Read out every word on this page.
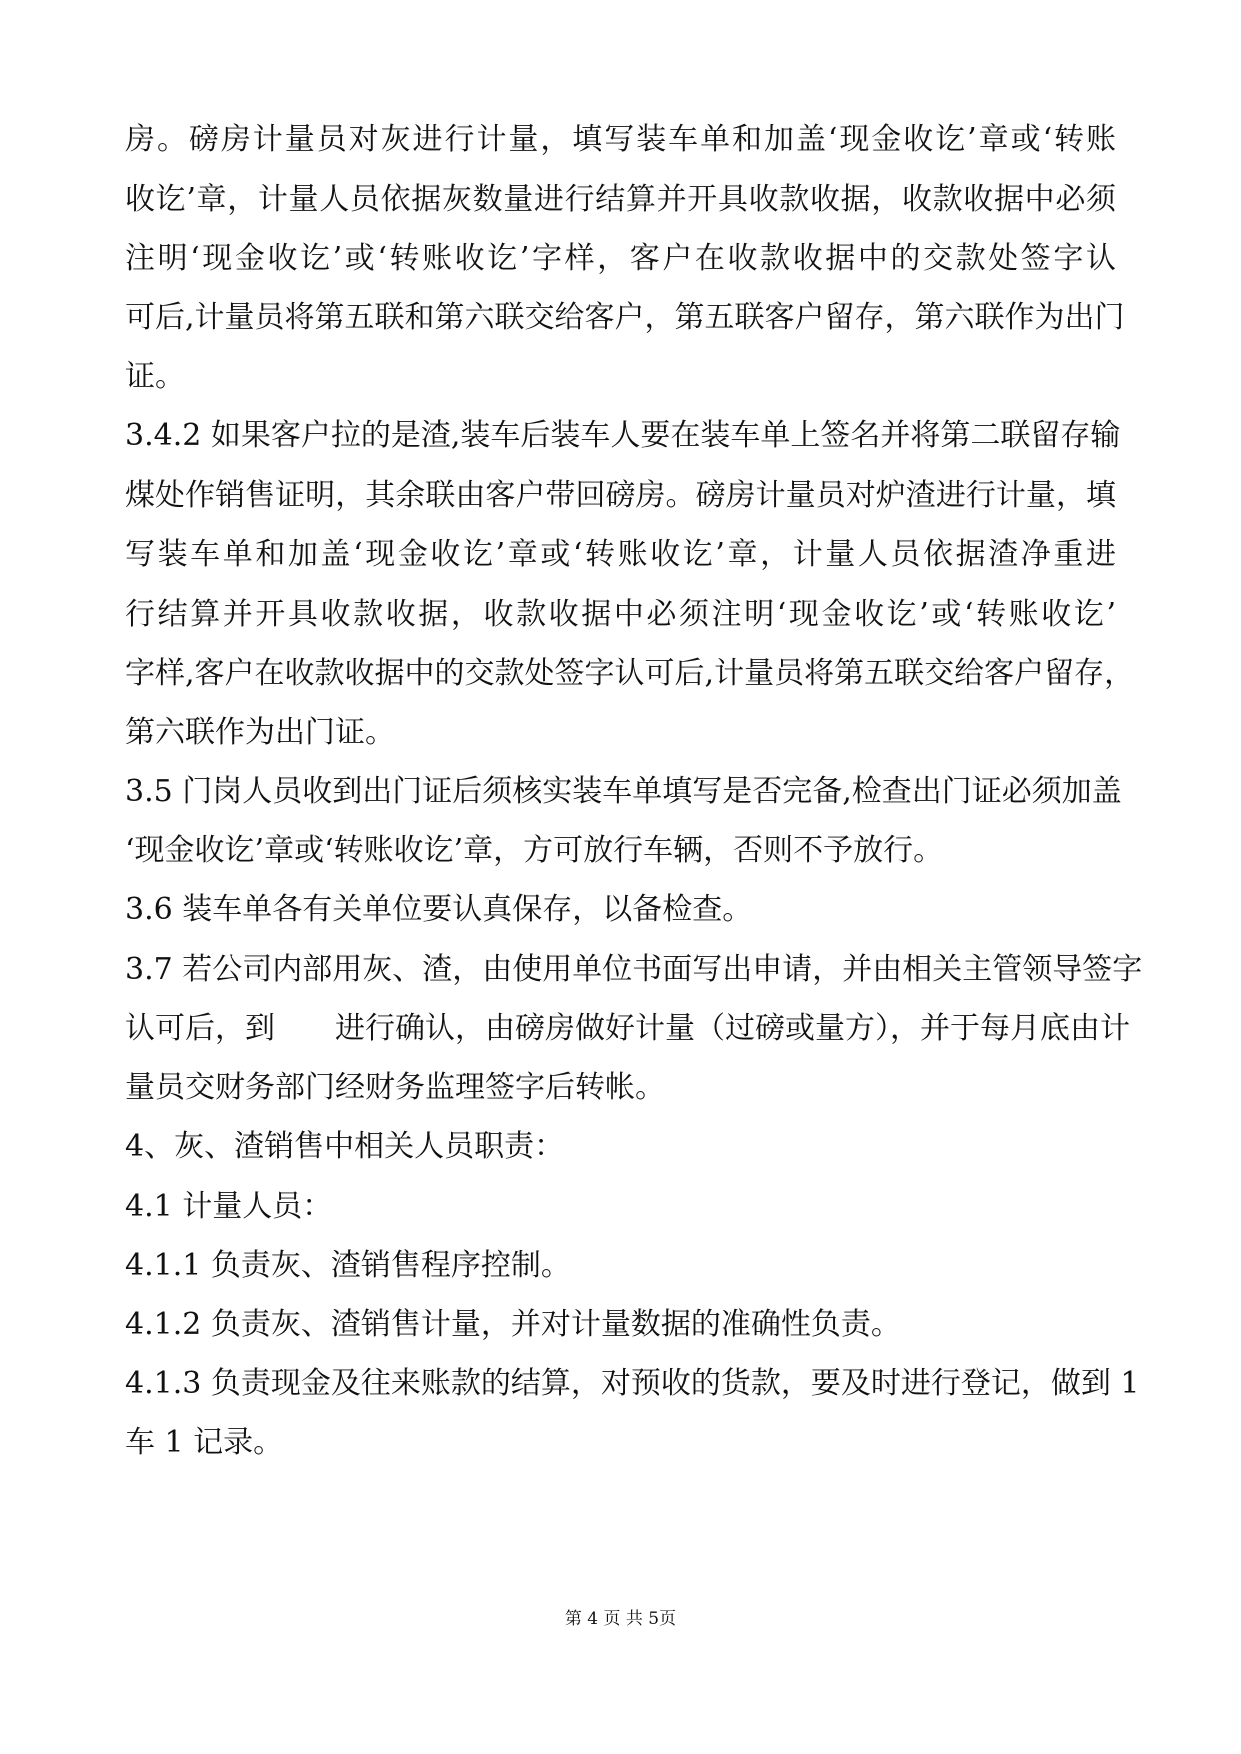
房。磅房计量员对灰进行计量，填写装车单和加盖‘现金收讫’章或‘转账
收讫’章，计量人员依据灰数量进行结算并开具收款收据，收款收据中必须
注明‘现金收讫’或‘转账收讫’字样，客户在收款收据中的交款处签字认
可后,计量员将第五联和第六联交给客户，第五联客户留存，第六联作为出门
证。
3.4.2 如果客户拉的是渣,装车后装车人要在装车单上签名并将第二联留存输
煤处作销售证明，其余联由客户带回磅房。磅房计量员对炉渣进行计量，填
写装车单和加盖‘现金收讫’章或‘转账收讫’章，计量人员依据渣净重进
行结算并开具收款收据，收款收据中必须注明‘现金收讫’或‘转账收讫’
字样,客户在收款收据中的交款处签字认可后,计量员将第五联交给客户留存，
第六联作为出门证。
3.5 门岗人员收到出门证后须核实装车单填写是否完备,检查出门证必须加盖
‘现金收讫’章或‘转账收讫’章，方可放行车辆，否则不予放行。
3.6 装车单各有关单位要认真保存，以备检查。
3.7 若公司内部用灰、渣，由使用单位书面写出申请，并由相关主管领导签字
认可后，到　　进行确认，由磅房做好计量（过磅或量方），并于每月底由计
量员交财务部门经财务监理签字后转帐。
4、灰、渣销售中相关人员职责：
4.1 计量人员：
4.1.1 负责灰、渣销售程序控制。
4.1.2 负责灰、渣销售计量，并对计量数据的准确性负责。
4.1.3 负责现金及往来账款的结算，对预收的货款，要及时进行登记，做到 1
车 1 记录。
第 4 页 共 5页
